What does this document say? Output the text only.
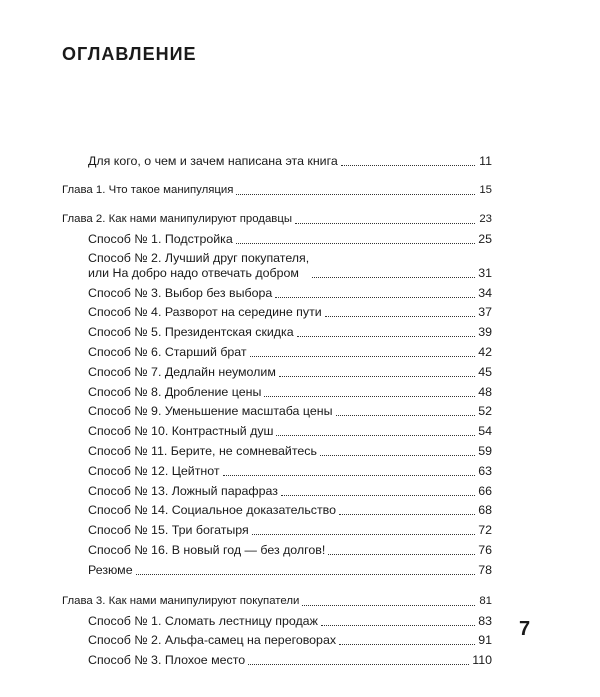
ОГЛАВЛЕНИЕ
Для кого, о чем и зачем написана эта книга	11
Глава 1. Что такое манипуляция	15
Глава 2. Как нами манипулируют продавцы	23
Способ № 1. Подстройка	25
Способ № 2. Лучший друг покупателя,
или На добро надо отвечать добром	31
Способ № 3. Выбор без выбора	34
Способ № 4. Разворот на середине пути	37
Способ № 5. Президентская скидка	39
Способ № 6. Старший брат	42
Способ № 7. Дедлайн неумолим	45
Способ № 8. Дробление цены	48
Способ № 9. Уменьшение масштаба цены	52
Способ № 10. Контрастный душ	54
Способ № 11. Берите, не сомневайтесь	59
Способ № 12. Цейтнот	63
Способ № 13. Ложный парафраз	66
Способ № 14. Социальное доказательство	68
Способ № 15. Три богатыря	72
Способ № 16. В новый год — без долгов!	76
Резюме	78
Глава 3. Как нами манипулируют покупатели	81
Способ № 1. Сломать лестницу продаж	83
Способ № 2. Альфа-самец на переговорах	91
Способ № 3. Плохое место	110
7
